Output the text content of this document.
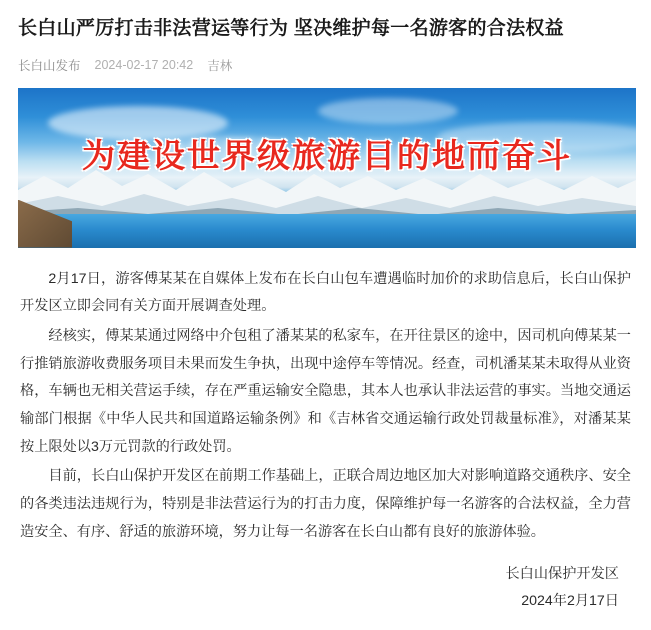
长白山严厉打击非法营运等行为 坚决维护每一名游客的合法权益
长白山发布 2024-02-17 20:42 吉林
为建设世界级旅游目的地而奋斗

2月17日，游客傅某某在自媒体上发布在长白山包车遭遇临时加价的求助信息后，长白山保护开发区立即会同有关方面开展调查处理。

经核实，傅某某通过网络中介包租了潘某某的私家车，在开往景区的途中，因司机向傅某某一行推销旅游收费服务项目未果而发生争执，出现中途停车等情况。经查，司机潘某某未取得从业资格，车辆也无相关营运手续，存在严重运输安全隐患，其本人也承认非法运营的事实。当地交通运输部门根据《中华人民共和国道路运输条例》和《吉林省交通运输行政处罚裁量标准》，对潘某某按上限处以3万元罚款的行政处罚。

目前，长白山保护开发区在前期工作基础上，正联合周边地区加大对影响道路交通秩序、安全的各类违法违规行为，特别是非法营运行为的打击力度，保障维护每一名游客的合法权益，全力营造安全、有序、舒适的旅游环境，努力让每一名游客在长白山都有良好的旅游体验。

长白山保护开发区
2024年2月17日
